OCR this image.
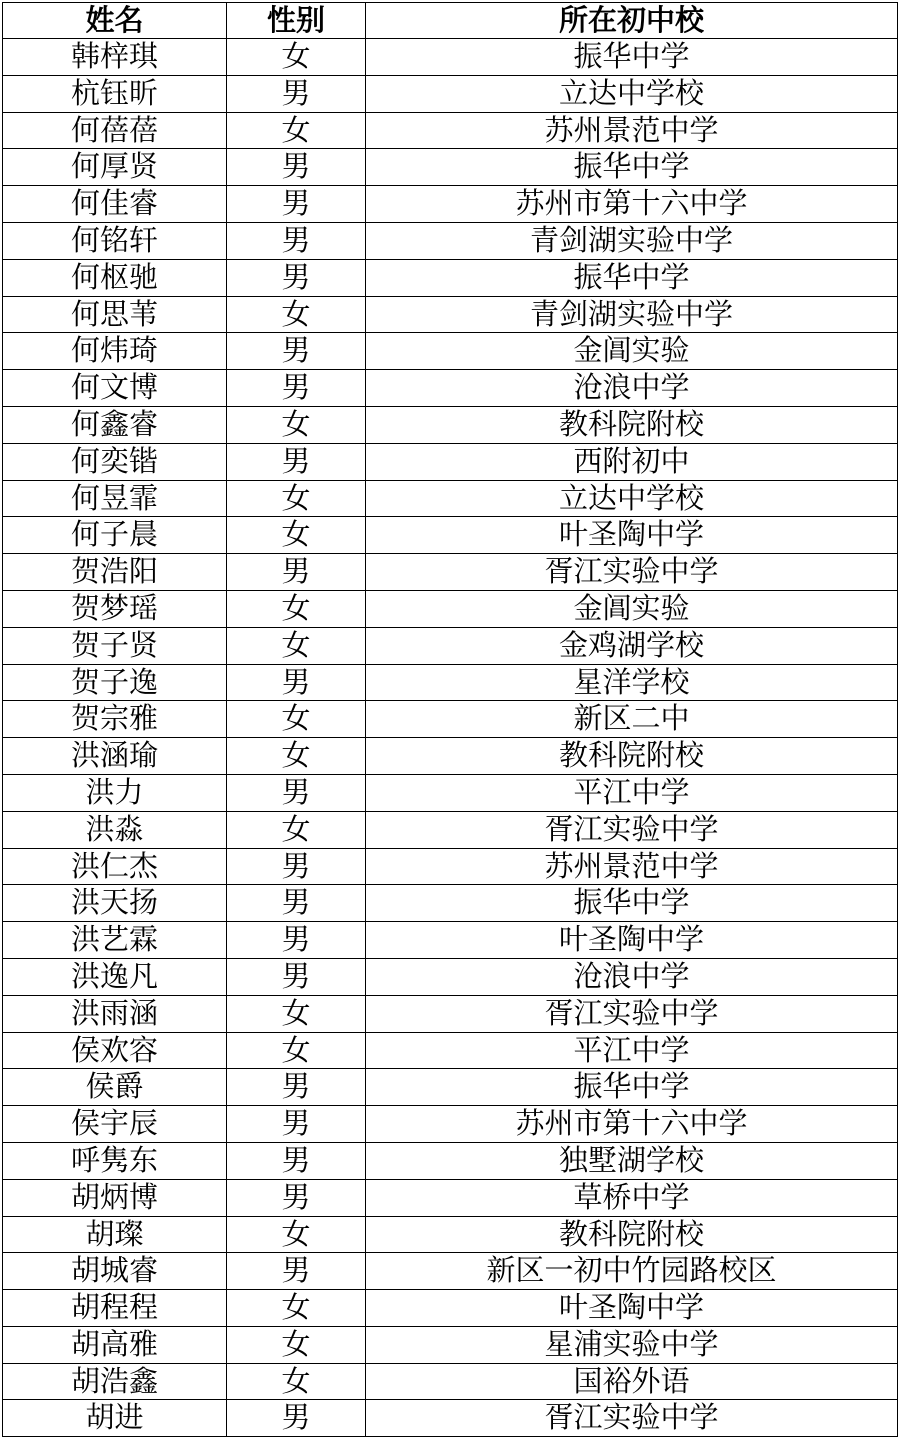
姓名	性别	所在初中校
韩梓琪	女	振华中学
杭钰昕	男	立达中学校
何蓓蓓	女	苏州景范中学
何厚贤	男	振华中学
何佳睿	男	苏州市第十六中学
何铭轩	男	青剑湖实验中学
何枢驰	男	振华中学
何思苇	女	青剑湖实验中学
何炜琦	男	金阊实验
何文博	男	沧浪中学
何鑫睿	女	教科院附校
何奕锴	男	西附初中
何昱霏	女	立达中学校
何子晨	女	叶圣陶中学
贺浩阳	男	胥江实验中学
贺梦瑶	女	金阊实验
贺子贤	女	金鸡湖学校
贺子逸	男	星洋学校
贺宗雅	女	新区二中
洪涵瑜	女	教科院附校
洪力	男	平江中学
洪淼	女	胥江实验中学
洪仁杰	男	苏州景范中学
洪天扬	男	振华中学
洪艺霖	男	叶圣陶中学
洪逸凡	男	沧浪中学
洪雨涵	女	胥江实验中学
侯欢容	女	平江中学
侯爵	男	振华中学
侯宇辰	男	苏州市第十六中学
呼隽东	男	独墅湖学校
胡炳博	男	草桥中学
胡璨	女	教科院附校
胡城睿	男	新区一初中竹园路校区
胡程程	女	叶圣陶中学
胡高雅	女	星浦实验中学
胡浩鑫	女	国裕外语
胡进	男	胥江实验中学
